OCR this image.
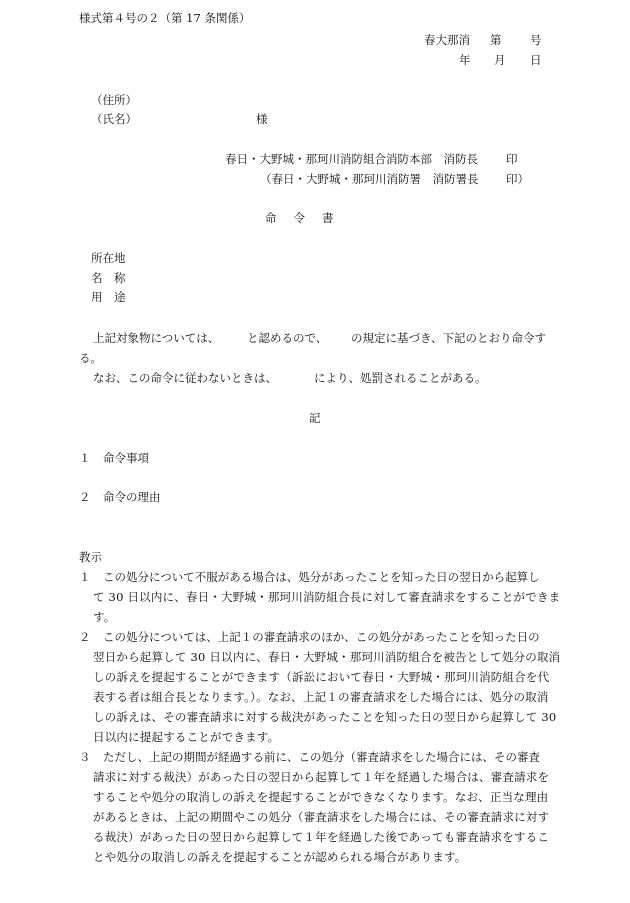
様式第４号の２（第 17 条関係）
春大那消 第 号
年 月 日
（住所）
（氏名）	様
春日・大野城・那珂川消防組合消防本部　消防長 印
（春日・大野城・那珂川消防署　消防署長 印）
命令書
所在地
名　称
用　途
上記対象物については、 と認めるので、 の規定に基づき、下記のとおり命令す
る。
なお、この命令に従わないときは、	により、処罰されることがある。
記
１ 命令事項
２ 命令の理由
教示
１ この処分について不服がある場合は、処分があったことを知った日の翌日から起算し
て 30 日以内に、春日・大野城・那珂川消防組合長に対して審査請求をすることができま
す。
２ この処分については、上記１の審査請求のほか、この処分があったことを知った日の
翌日から起算して 30 日以内に、春日・大野城・那珂川消防組合を被告として処分の取消
しの訴えを提起することができます（訴訟において春日・大野城・那珂川消防組合を代
表する者は組合長となります。）。なお、上記１の審査請求をした場合には、処分の取消
しの訴えは、その審査請求に対する裁決があったことを知った日の翌日から起算して 30
日以内に提起することができます。
３ ただし、上記の期間が経過する前に、この処分（審査請求をした場合には、その審査
請求に対する裁決）があった日の翌日から起算して１年を経過した場合は、審査請求を
することや処分の取消しの訴えを提起することができなくなります。なお、正当な理由
があるときは、上記の期間やこの処分（審査請求をした場合には、その審査請求に対す
る裁決）があった日の翌日から起算して１年を経過した後であっても審査請求をするこ
とや処分の取消しの訴えを提起することが認められる場合があります。
